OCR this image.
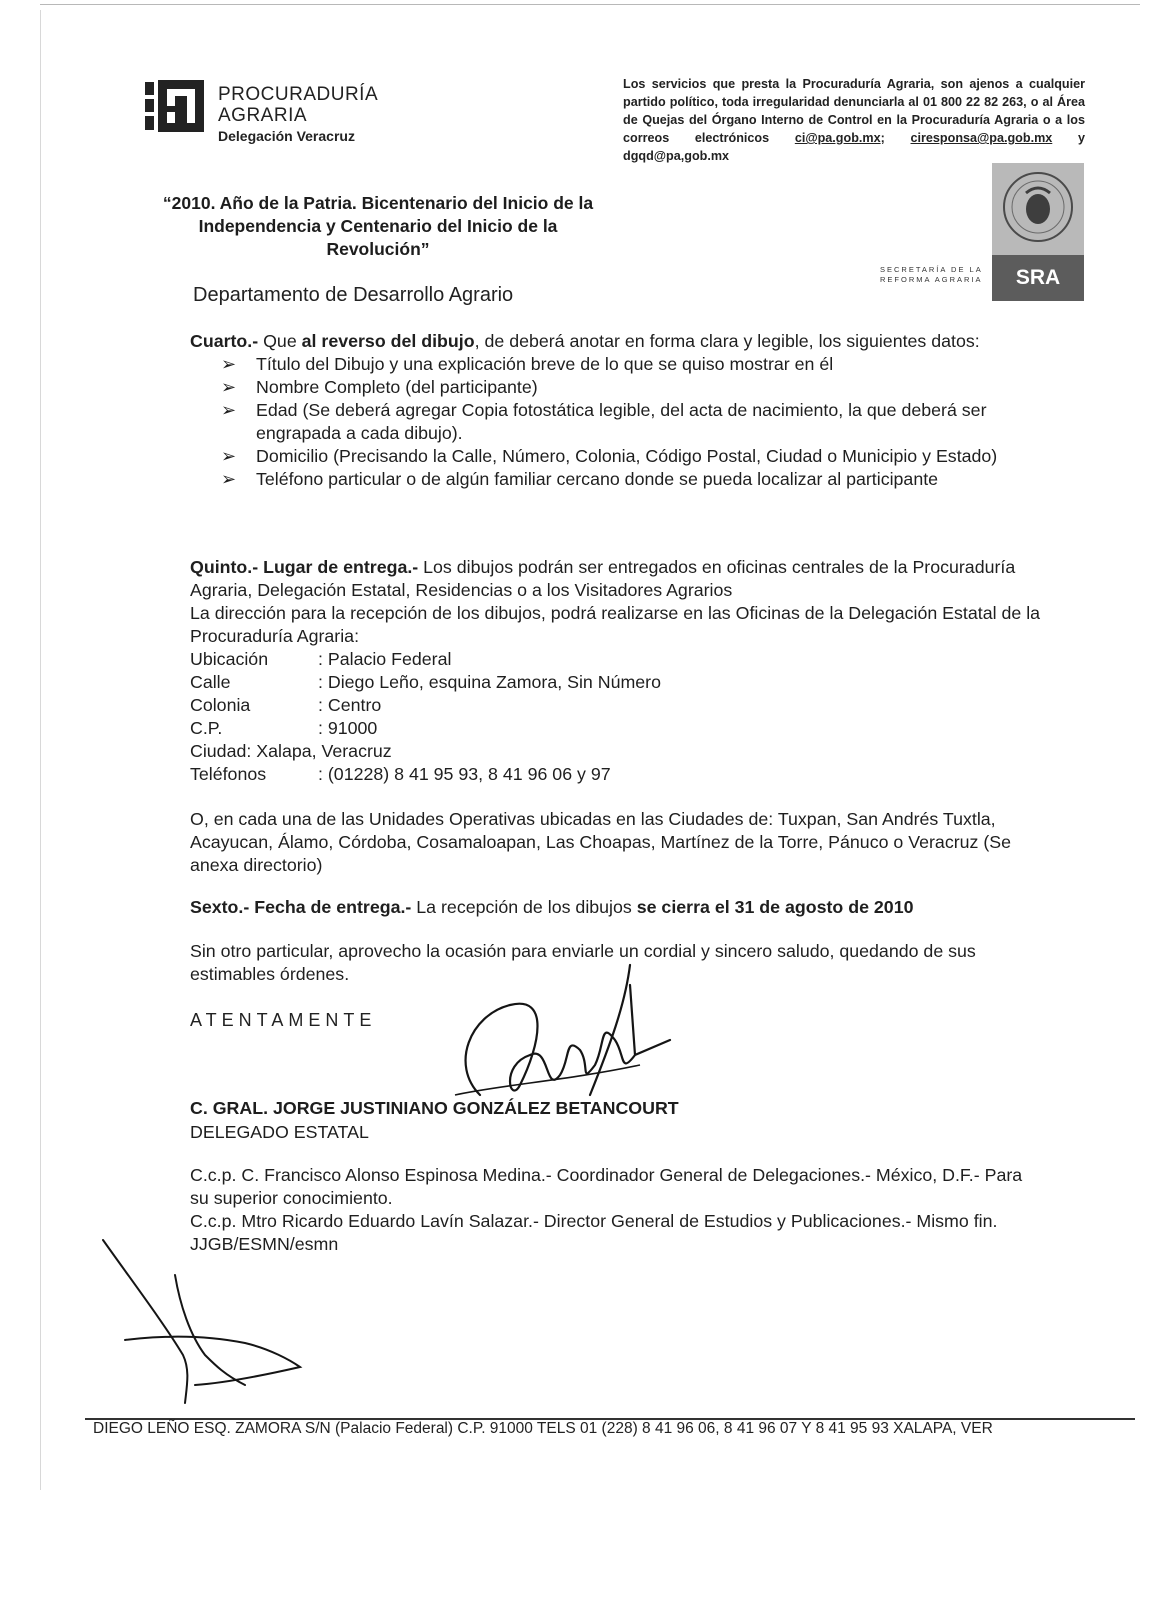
PROCURADURÍA
AGRARIA
Delegación Veracruz
Los servicios que presta la Procuraduría Agraria, son ajenos a cualquier partido político, toda irregularidad denunciarla al 01 800 22 82 263, o al Área de Quejas del Órgano Interno de Control en la Procuraduría Agraria o a los correos electrónicos ci@pa.gob.mx; ciresponsa@pa.gob.mx y dgqd@pa,gob.mx
“2010. Año de la Patria. Bicentenario del Inicio de la Independencia y Centenario del Inicio de la Revolución”
Departamento de Desarrollo Agrario
SECRETARÍA DE LA
REFORMA AGRARIA	SRA
Cuarto.- Que al reverso del dibujo, de deberá anotar en forma clara y legible, los siguientes datos:
➢ Título del Dibujo y una explicación breve de lo que se quiso mostrar en él
➢ Nombre Completo (del participante)
➢ Edad (Se deberá agregar Copia fotostática legible, del acta de nacimiento, la que deberá ser engrapada a cada dibujo).
➢ Domicilio (Precisando la Calle, Número, Colonia, Código Postal, Ciudad o Municipio y Estado)
➢ Teléfono particular o de algún familiar cercano donde se pueda localizar al participante
Quinto.- Lugar de entrega.- Los dibujos podrán ser entregados en oficinas centrales de la Procuraduría Agraria, Delegación Estatal, Residencias o a los Visitadores Agrarios
La dirección para la recepción de los dibujos, podrá realizarse en las Oficinas de la Delegación Estatal de la Procuraduría Agraria:
Ubicación	: Palacio Federal
Calle	: Diego Leño, esquina Zamora, Sin Número
Colonia	: Centro
C.P.	: 91000
Ciudad : Xalapa, Veracruz
Teléfonos	: (01228) 8 41 95 93, 8 41 96 06 y 97
O, en cada una de las Unidades Operativas ubicadas en las Ciudades de: Tuxpan, San Andrés Tuxtla, Acayucan, Álamo, Córdoba, Cosamaloapan, Las Choapas, Martínez de la Torre, Pánuco o Veracruz (Se anexa directorio)
Sexto.- Fecha de entrega.- La recepción de los dibujos se cierra el 31 de agosto de 2010
Sin otro particular, aprovecho la ocasión para enviarle un cordial y sincero saludo, quedando de sus estimables órdenes.
ATENTAMENTE
C. GRAL. JORGE JUSTINIANO GONZÁLEZ BETANCOURT
DELEGADO ESTATAL
C.c.p. C. Francisco Alonso Espinosa Medina.- Coordinador General de Delegaciones.- México, D.F.- Para su superior conocimiento.
C.c.p. Mtro Ricardo Eduardo Lavín Salazar.- Director General de Estudios y Publicaciones.- Mismo fin.
JJGB/ESMN/esmn
DIEGO LEÑO ESQ. ZAMORA S/N (Palacio Federal) C.P. 91000 TELS 01 (228) 8 41 96 06, 8 41 96 07 Y 8 41 95 93 XALAPA, VER
